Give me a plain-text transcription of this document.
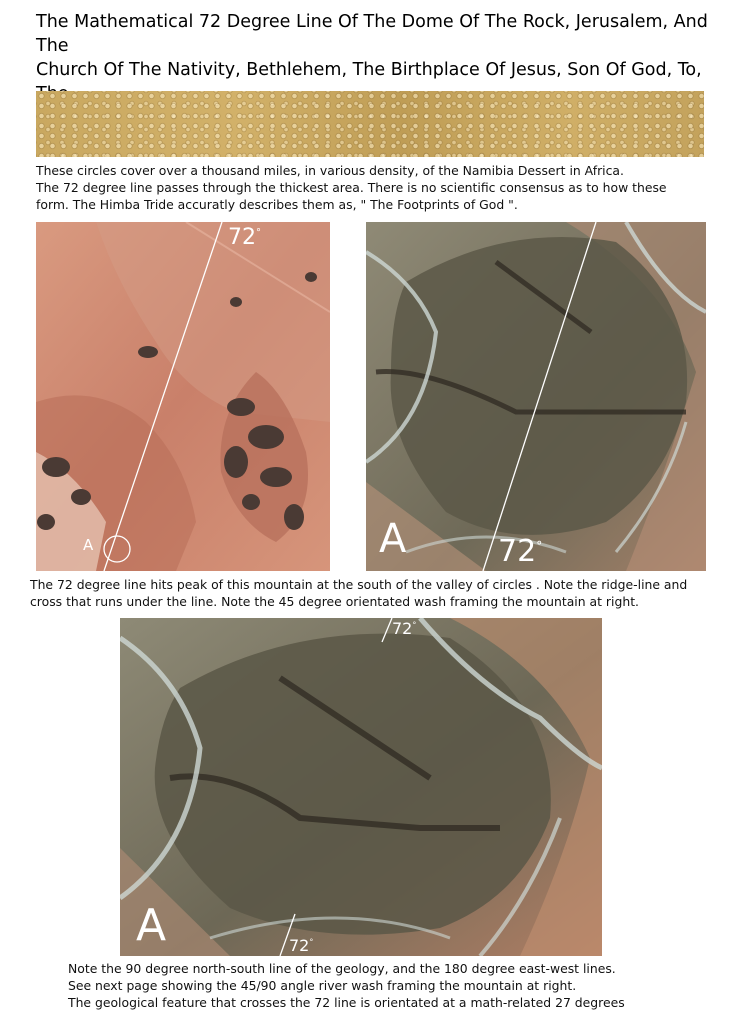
The Mathematical 72 Degree Line Of The Dome Of The Rock, Jerusalem, And The
Church Of The Nativity, Bethlehem, The Birthplace Of Jesus, Son Of God, To,
These circles cover over a thousand miles, in various density, of the Namibia Dessert in Africa.
The 72 degree line passes through the thickest area. There is no scientific consensus as to how these
form. The Himba Tride accuratly describes them as, " The Footprints of God ".
72°
A	A	72°
The 72 degree line hits peak of this mountain at the south of the valley of circles . Note the ridge-line and
cross that runs under the line. Note the 45 degree orientated wash framing the mountain at right.
72°
A	72°
Note the 90 degree north-south line of the geology, and the 180 degree east-west lines.
See next page showing the 45/90 angle river wash framing the mountain at right.
The geological feature that crosses the 72 line is orientated at a math-related 27 degrees
